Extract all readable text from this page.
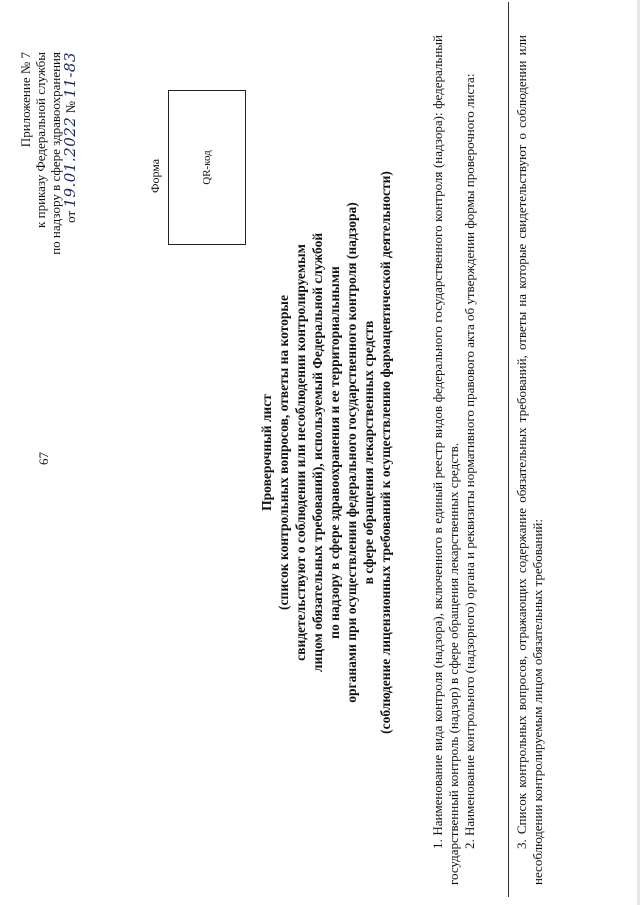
67
Приложение № 7 к приказу Федеральной службы по надзору в сфере здравоохранения от 19.01.2022 № 11-83
Форма	QR-код
Проверочный лист (список контрольных вопросов, ответы на которые свидетельствуют о соблюдении или несоблюдении контролируемым лицом обязательных требований), используемый Федеральной службой по надзору в сфере здравоохранения и ее территориальными органами при осуществлении федерального государственного контроля (надзора) в сфере обращения лекарственных средств (соблюдение лицензионных требований к осуществлению фармацевтической деятельности)	1. Наименование вида контроля (надзора), включенного в единый реестр видов федерального государственного контроля (надзора): федеральный государственный контроль (надзор) в сфере обращения лекарственных средств. 2. Наименование контрольного (надзорного) органа и реквизиты нормативного правового акта об утверждении формы проверочного листа:	3. Список контрольных вопросов, отражающих содержание обязательных требований, ответы на которые свидетельствуют о соблюдении или несоблюдении контролируемым лицом обязательных требований:
